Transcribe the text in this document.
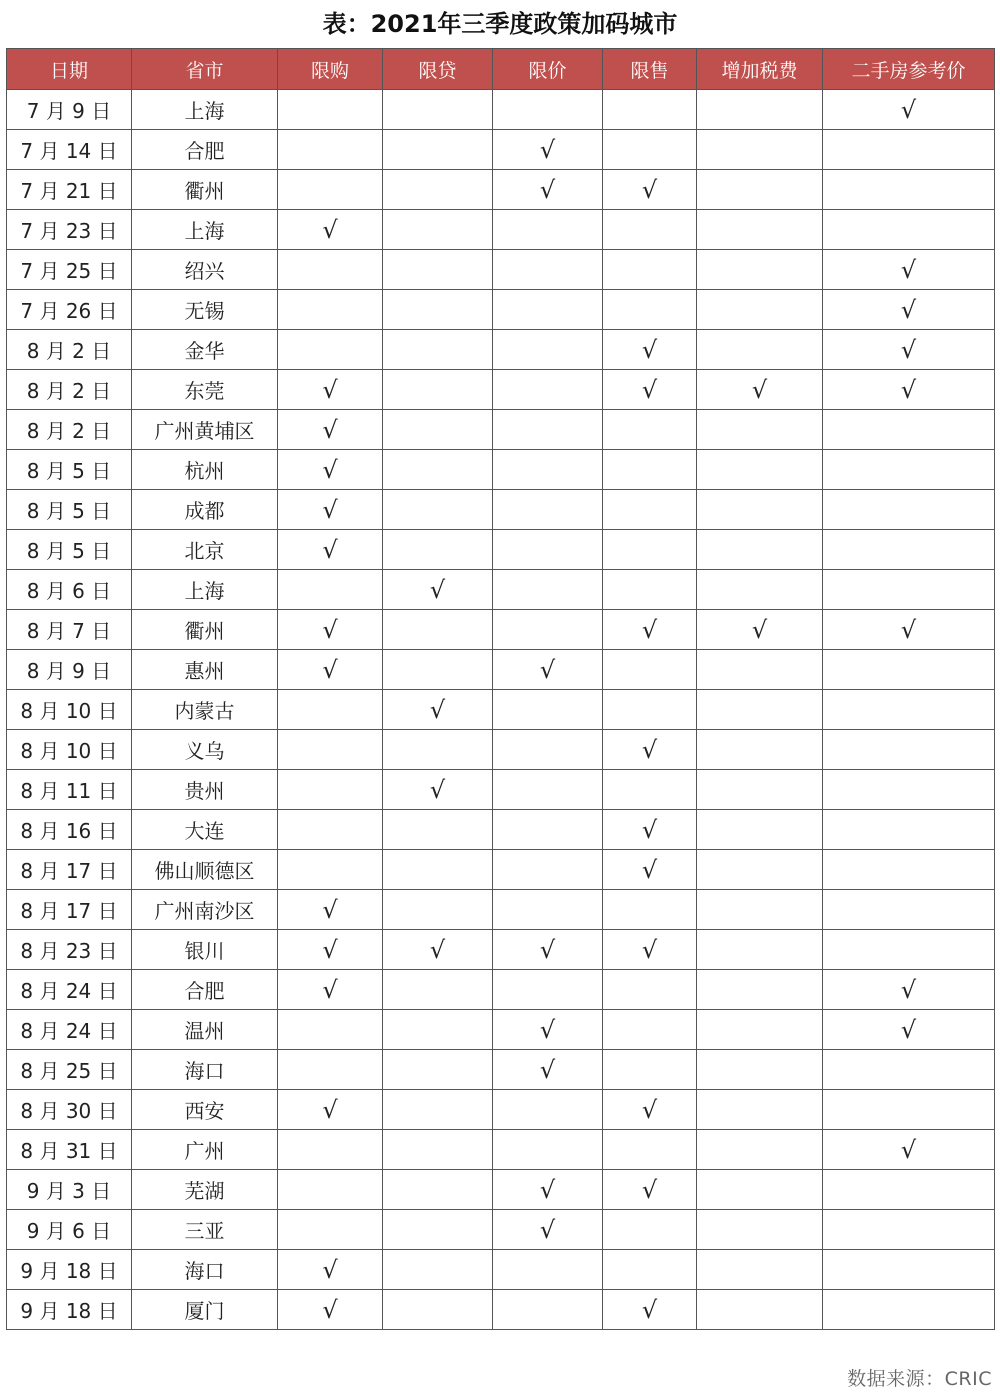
表：2021年三季度政策加码城市
日期	省市	限购	限贷	限价	限售	增加税费	二手房参考价
7 月 9 日	上海						√
7 月 14 日	合肥			√			
7 月 21 日	衢州			√	√		
7 月 23 日	上海	√					
7 月 25 日	绍兴						√
7 月 26 日	无锡						√
8 月 2 日	金华				√		√
8 月 2 日	东莞	√			√	√	√
8 月 2 日	广州黄埔区	√					
8 月 5 日	杭州	√					
8 月 5 日	成都	√					
8 月 5 日	北京	√					
8 月 6 日	上海		√				
8 月 7 日	衢州	√			√	√	√
8 月 9 日	惠州	√		√			
8 月 10 日	内蒙古		√				
8 月 10 日	义乌				√		
8 月 11 日	贵州		√				
8 月 16 日	大连				√		
8 月 17 日	佛山顺德区				√		
8 月 17 日	广州南沙区	√					
8 月 23 日	银川	√	√	√	√		
8 月 24 日	合肥	√					√
8 月 24 日	温州			√			√
8 月 25 日	海口			√			
8 月 30 日	西安	√			√		
8 月 31 日	广州						√
9 月 3 日	芜湖			√	√		
9 月 6 日	三亚			√			
9 月 18 日	海口	√					
9 月 18 日	厦门	√			√		
数据来源：CRIC
